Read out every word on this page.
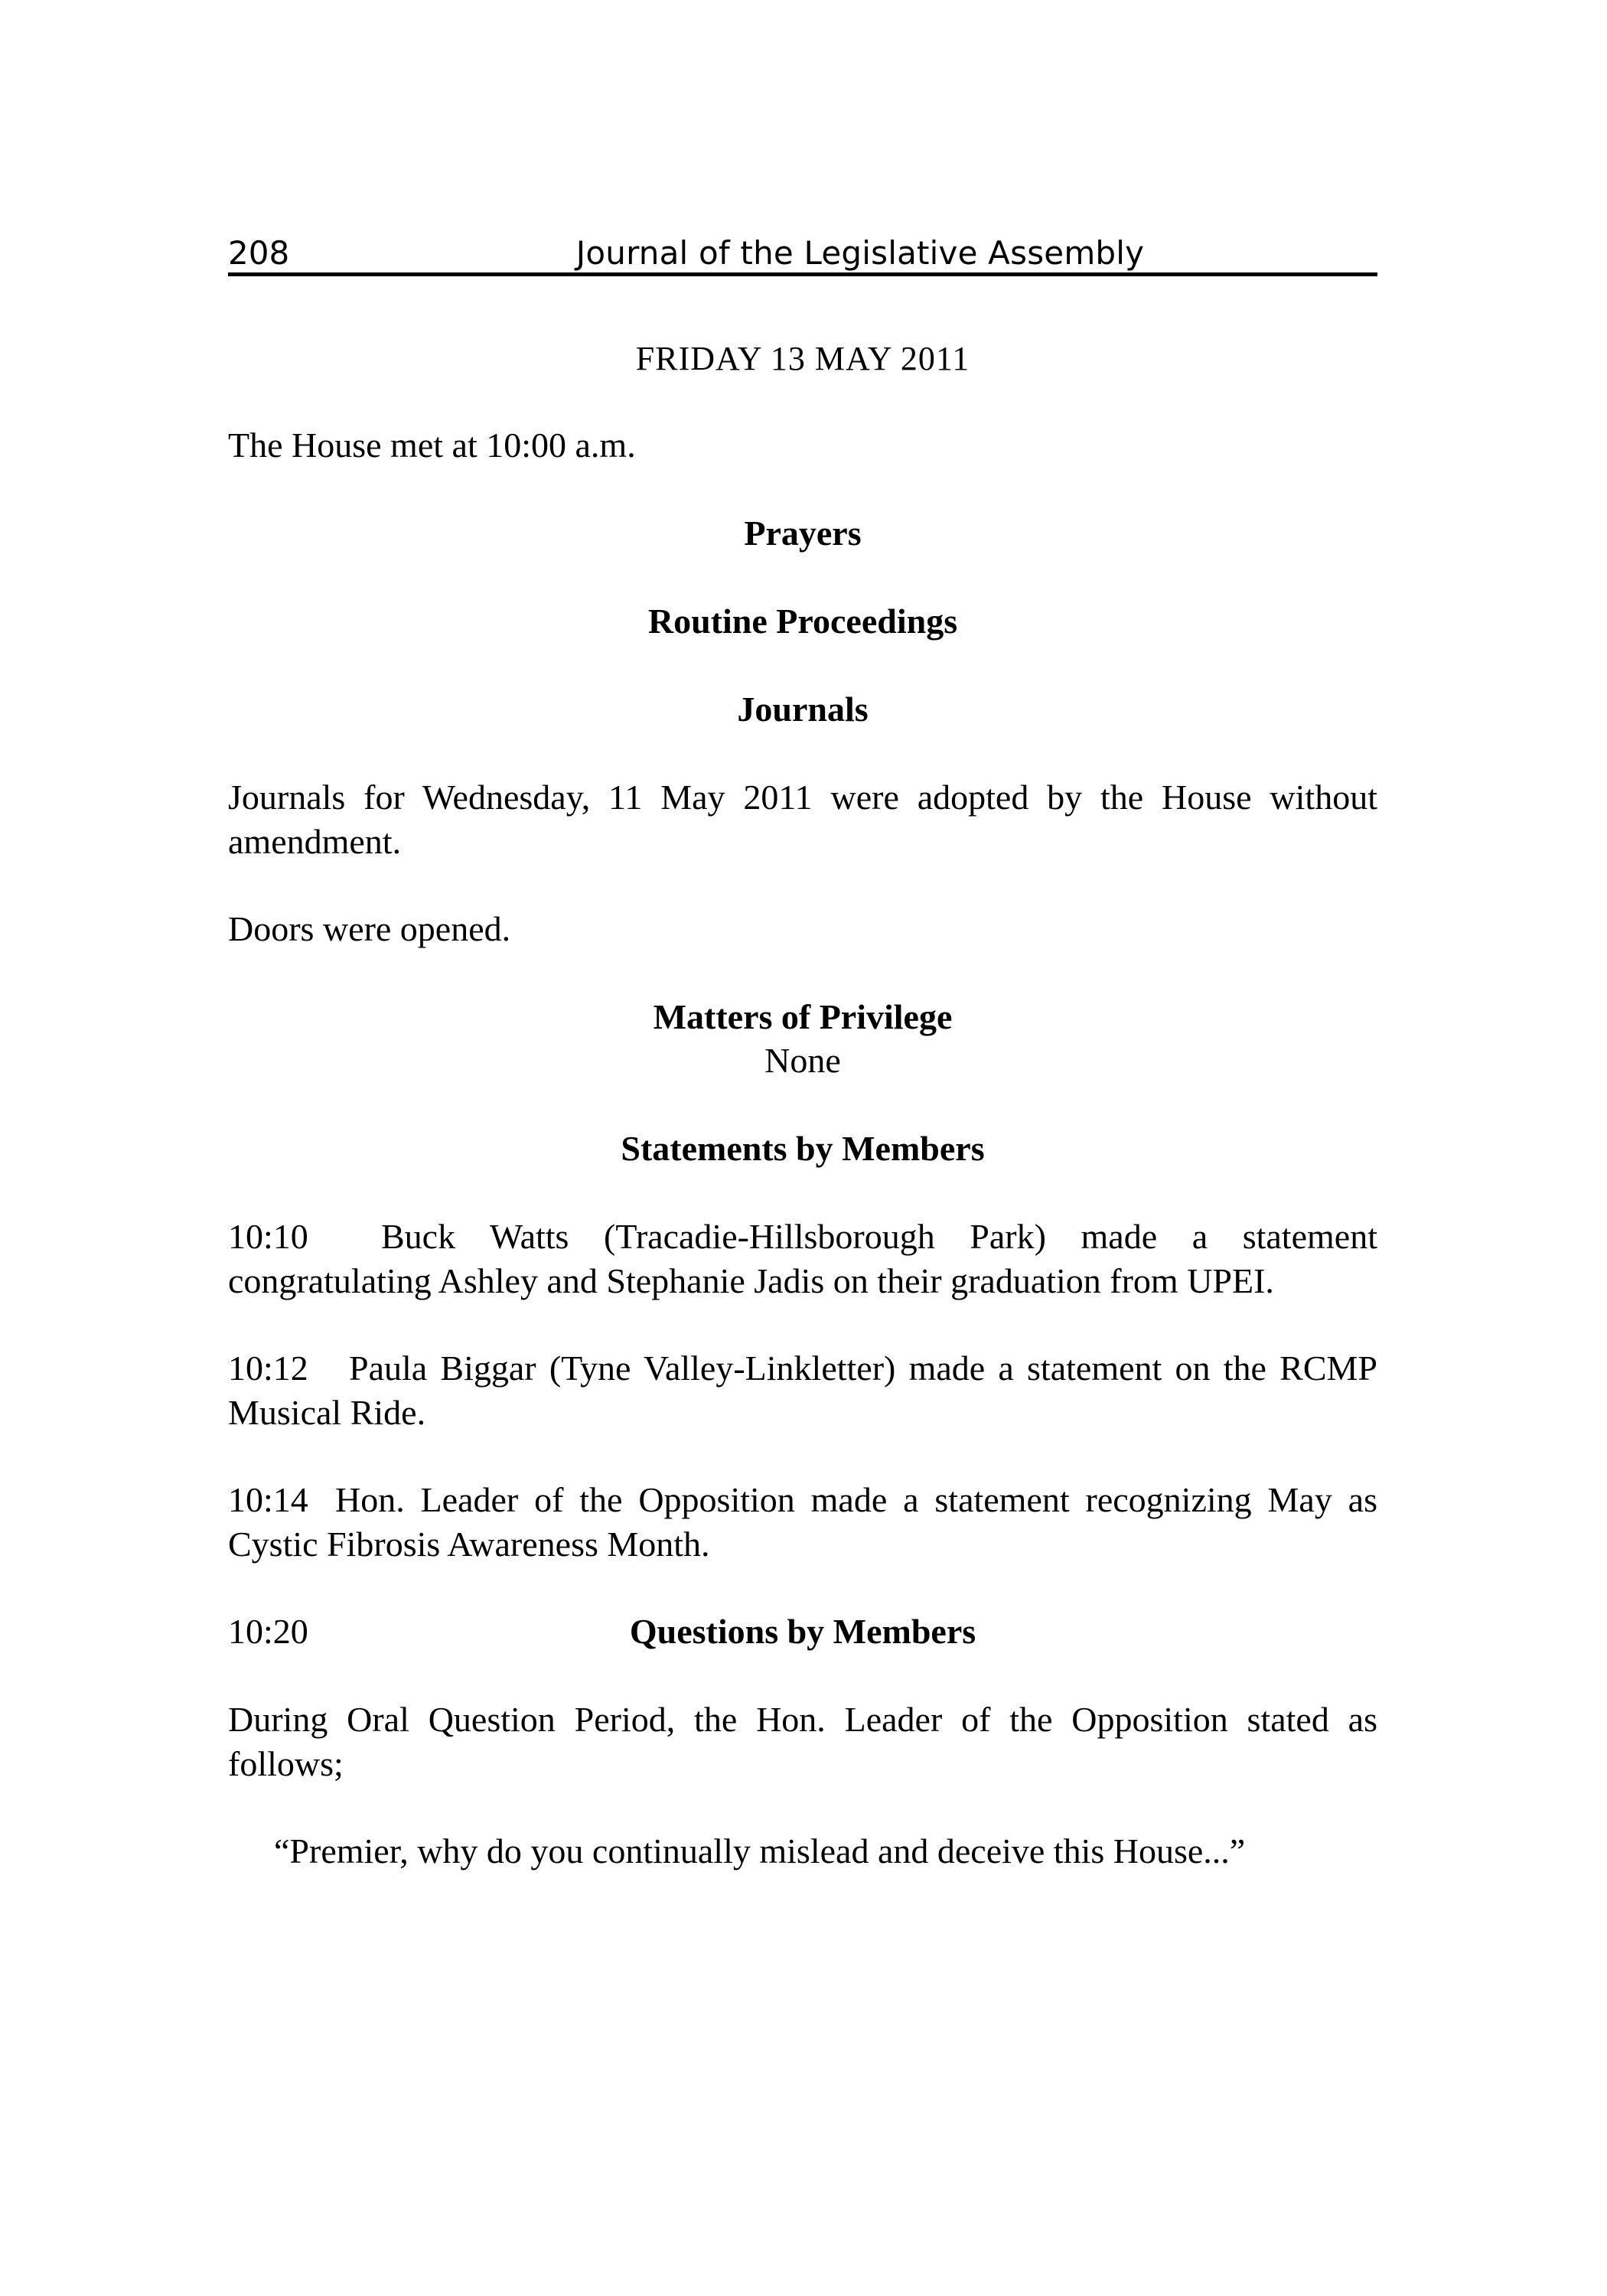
208	Journal of the Legislative Assembly

FRIDAY 13 MAY 2011

The House met at 10:00 a.m.

Prayers

Routine Proceedings

Journals

Journals for Wednesday, 11 May 2011 were adopted by the House without amendment.

Doors were opened.

Matters of Privilege

None

Statements by Members

10:10 Buck Watts (Tracadie-Hillsborough Park) made a statement congratulating Ashley and Stephanie Jadis on their graduation from UPEI.

10:12 Paula Biggar (Tyne Valley-Linkletter) made a statement on the RCMP Musical Ride.

10:14 Hon. Leader of the Opposition made a statement recognizing May as Cystic Fibrosis Awareness Month.

10:20	Questions by Members

During Oral Question Period, the Hon. Leader of the Opposition stated as follows;

“Premier, why do you continually mislead and deceive this House...”
